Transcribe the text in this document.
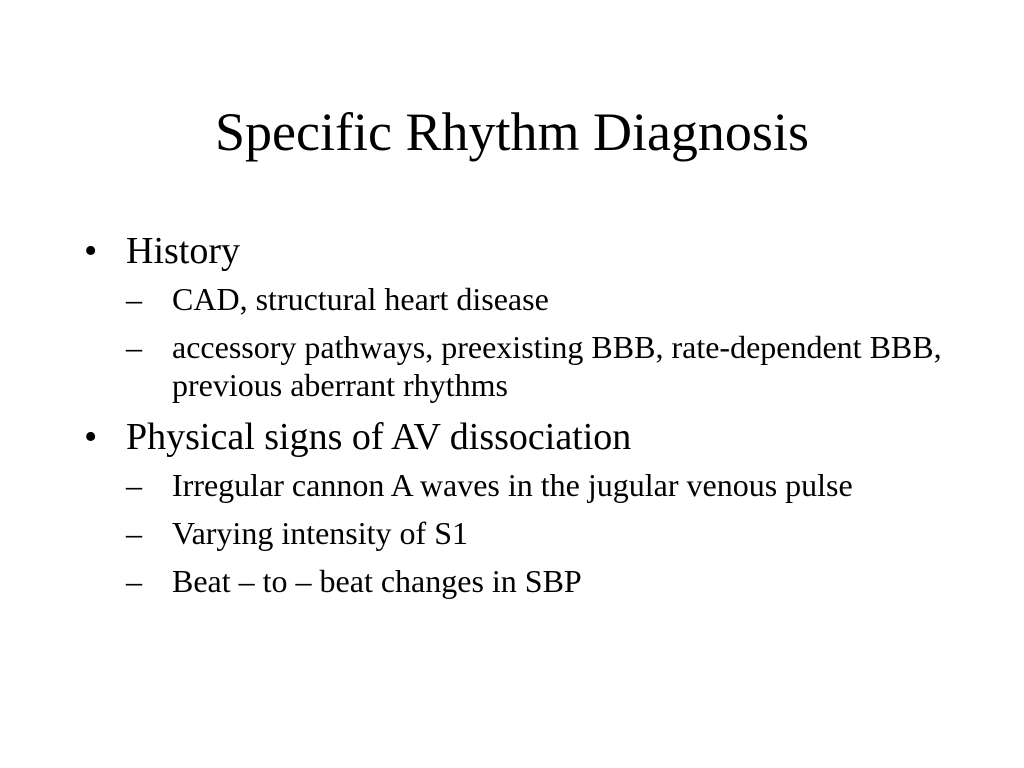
Specific Rhythm Diagnosis
• History
– CAD, structural heart disease
– accessory pathways, preexisting BBB, rate-dependent BBB, previous aberrant rhythms
• Physical signs of AV dissociation
– Irregular cannon A waves in the jugular venous pulse
– Varying intensity of S1
– Beat – to – beat changes in SBP
